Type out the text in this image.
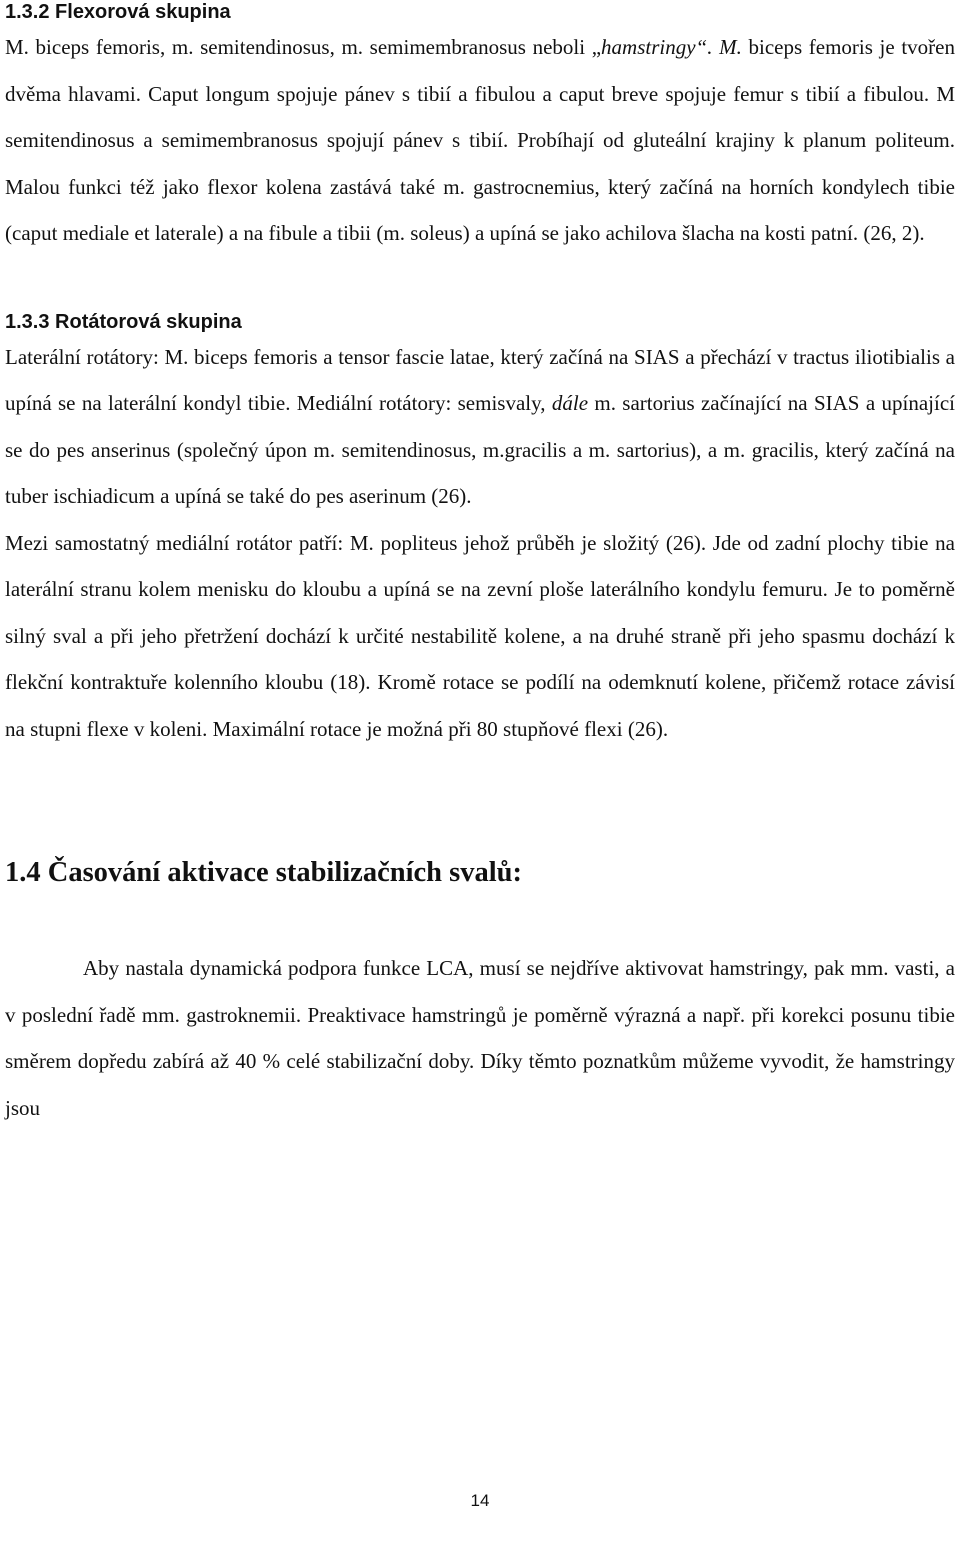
1.3.2 Flexorová skupina

M. biceps femoris, m. semitendinosus, m. semimembranosus neboli „hamstringy“. M. biceps femoris je tvořen dvěma hlavami. Caput longum spojuje pánev s tibií a fibulou a caput breve spojuje femur s tibií a fibulou. M semitendinosus a semimembranosus spojují pánev s tibií. Probíhají od gluteální krajiny k planum politeum. Malou funkci též jako flexor kolena zastává také m. gastrocnemius, který začíná na horních kondylech tibie (caput mediale et laterale) a na fibule a tibii (m. soleus) a upíná se jako achilova šlacha na kosti patní. (26, 2).

1.3.3 Rotátorová skupina

Laterální rotátory: M. biceps femoris a tensor fascie latae, který začíná na SIAS a přechází v tractus iliotibialis a upíná se na laterální kondyl tibie. Mediální rotátory: semisvaly, dále m. sartorius začínající na SIAS a upínající se do pes anserinus (společný úpon m. semitendinosus, m.gracilis a m. sartorius), a m. gracilis, který začíná na tuber ischiadicum a upíná se také do pes aserinum (26).

Mezi samostatný mediální rotátor patří: M. popliteus jehož průběh je složitý (26). Jde od zadní plochy tibie na laterální stranu kolem menisku do kloubu a upíná se na zevní ploše laterálního kondylu femuru. Je to poměrně silný sval a při jeho přetržení dochází k určité nestabilitě kolene, a na druhé straně při jeho spasmu dochází k flekční kontraktuře kolenního kloubu (18). Kromě rotace se podílí na odemknutí kolene, přičemž rotace závisí na stupni flexe v koleni. Maximální rotace je možná při 80 stupňové flexi (26).

1.4 Časování aktivace stabilizačních svalů:

Aby nastala dynamická podpora funkce LCA, musí se nejdříve aktivovat hamstringy, pak mm. vasti, a v poslední řadě mm. gastroknemii. Preaktivace hamstringů je poměrně výrazná a např. při korekci posunu tibie směrem dopředu zabírá až 40 % celé stabilizační doby. Díky těmto poznatkům můžeme vyvodit, že hamstringy jsou

14
